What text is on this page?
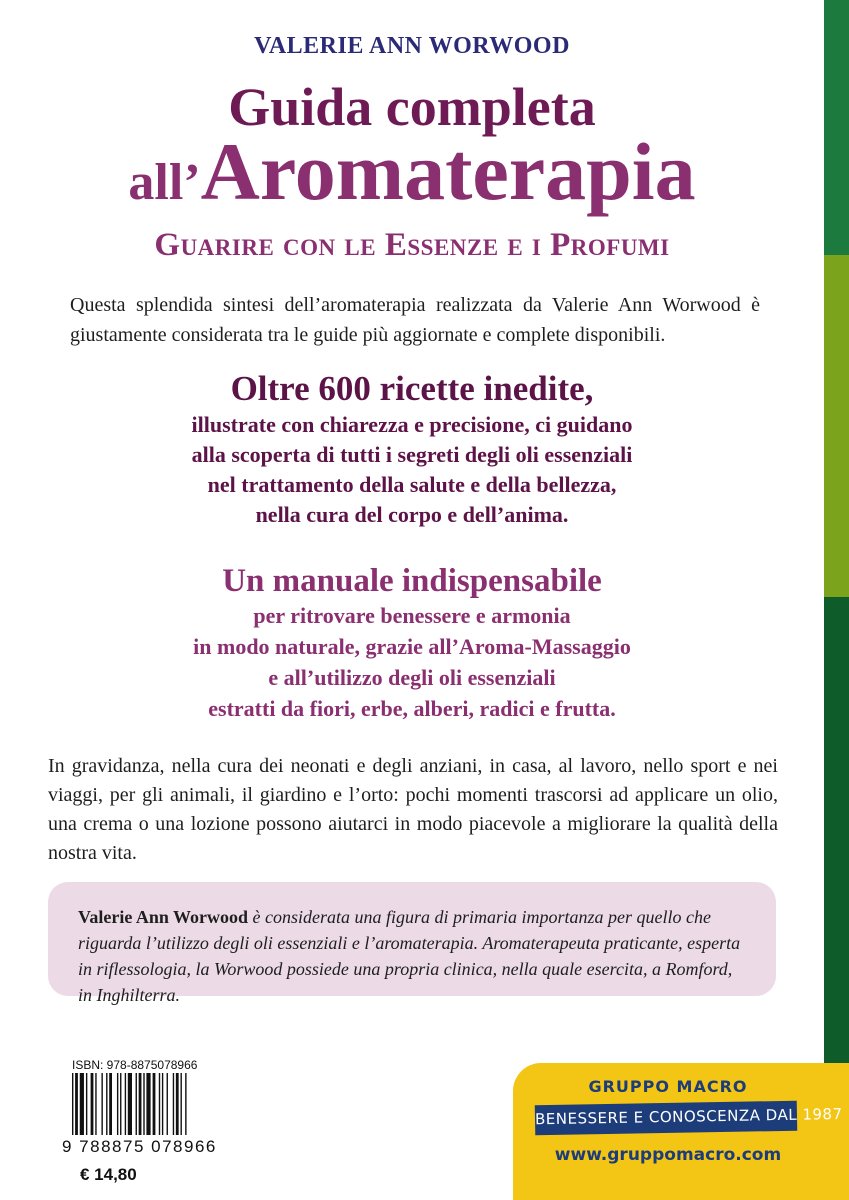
VALERIE ANN WORWOOD
Guida completa
all’Aromaterapia
Guarire con le Essenze e i Profumi
Questa splendida sintesi dell’aromaterapia realizzata da Valerie Ann Worwood è giustamente considerata tra le guide più aggiornate e complete disponibili.
Oltre 600 ricette inedite,
illustrate con chiarezza e precisione, ci guidano
alla scoperta di tutti i segreti degli oli essenziali
nel trattamento della salute e della bellezza,
nella cura del corpo e dell’anima.
Un manuale indispensabile
per ritrovare benessere e armonia
in modo naturale, grazie all’Aroma-Massaggio
e all’utilizzo degli oli essenziali
estratti da fiori, erbe, alberi, radici e frutta.
In gravidanza, nella cura dei neonati e degli anziani, in casa, al lavoro, nello sport e nei viaggi, per gli animali, il giardino e l’orto: pochi momenti trascorsi ad applicare un olio, una crema o una lozione possono aiutarci in modo piacevole a migliorare la qualità della nostra vita.
Valerie Ann Worwood è considerata una figura di primaria importanza per quello che riguarda l’utilizzo degli oli essenziali e l’aromaterapia. Aromaterapeuta praticante, esperta in riflessologia, la Worwood possiede una propria clinica, nella quale esercita, a Romford, in Inghilterra.
ISBN: 978-8875078966
9 788875 078966
€ 14,80
GRUPPO MACRO
BENESSERE E CONOSCENZA DAL 1987
www.gruppomacro.com
